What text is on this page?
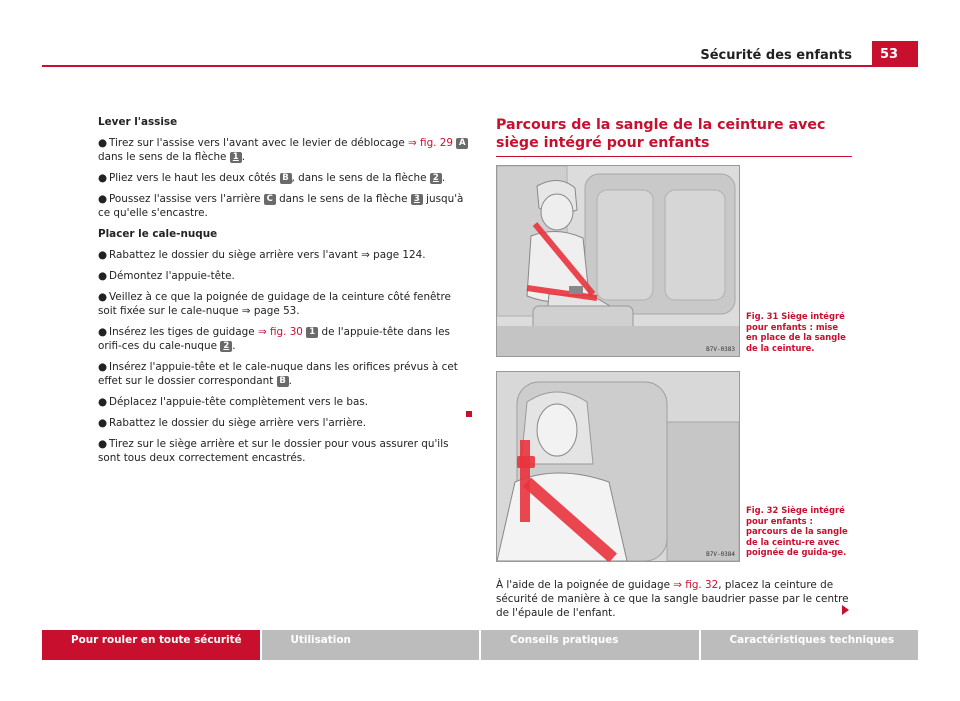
Sécurité des enfants	53

Lever l'assise

● Tirez sur l'assise vers l'avant avec le levier de déblocage ⇒ fig. 29 A
dans le sens de la flèche 1 .

● Pliez vers le haut les deux côtés B , dans le sens de la flèche 2 .

● Poussez l'assise vers l'arrière C dans le sens de la flèche 3 jusqu'à ce qu'elle s'encastre.

Placer le cale-nuque

● Rabattez le dossier du siège arrière vers l'avant ⇒ page 124.

● Démontez l'appuie-tête.

● Veillez à ce que la poignée de guidage de la ceinture côté fenêtre soit fixée sur le cale-nuque ⇒ page 53.

● Insérez les tiges de guidage ⇒ fig. 30 1 de l'appuie-tête dans les orifi-ces du cale-nuque 2 .

● Insérez l'appuie-tête et le cale-nuque dans les orifices prévus à cet effet sur le dossier correspondant B .

● Déplacez l'appuie-tête complètement vers le bas.

● Rabattez le dossier du siège arrière vers l'arrière.

● Tirez sur le siège arrière et sur le dossier pour vous assurer qu'ils sont tous deux correctement encastrés.

Parcours de la sangle de la ceinture avec siège intégré pour enfants
B7V-0383
Fig. 31 Siège intégré pour enfants : mise en place de la sangle de la ceinture.
B7V-0384
Fig. 32 Siège intégré pour enfants : parcours de la sangle de la ceintu-re avec poignée de guida-ge.

À l'aide de la poignée de guidage ⇒ fig. 32, placez la ceinture de sécurité de manière à ce que la sangle baudrier passe par le centre de l'épaule de l'enfant.

Pour rouler en toute sécurité	Utilisation	Conseils pratiques	Caractéristiques techniques
